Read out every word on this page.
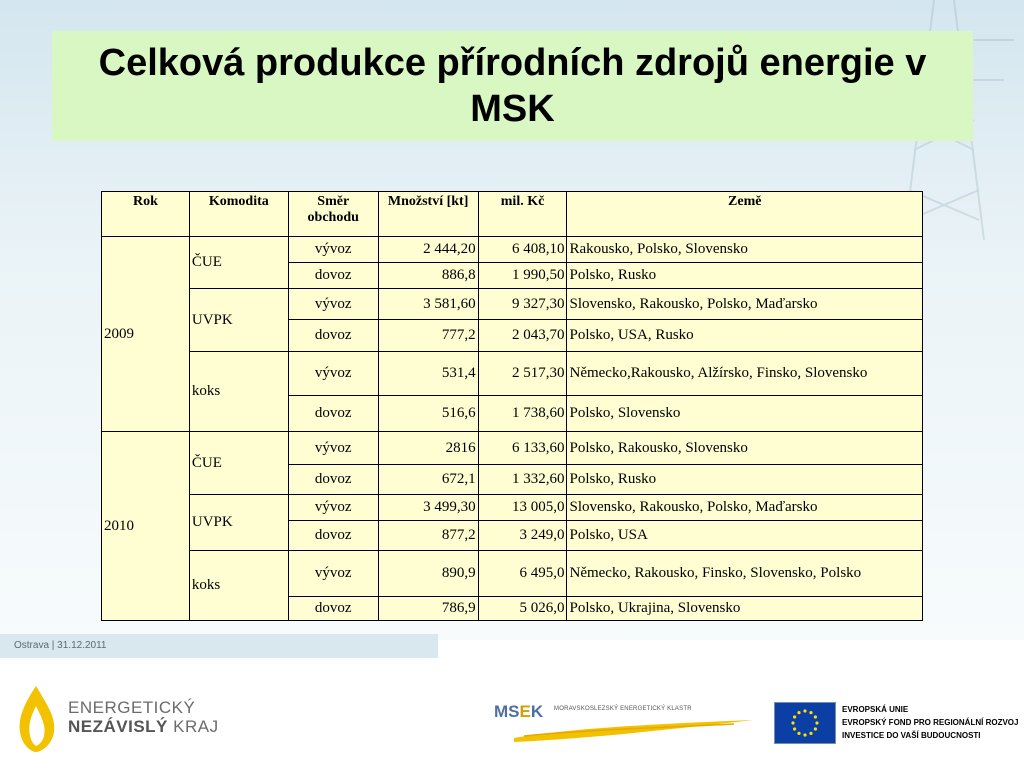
Celková produkce přírodních zdrojů energie v MSK
Rok	Komodita	Směr obchodu	Množství [kt]	mil. Kč	Země
2009	ČUE	vývoz	2 444,20	6 408,10	Rakousko, Polsko, Slovensko
		dovoz	886,8	1 990,50	Polsko, Rusko
	UVPK	vývoz	3 581,60	9 327,30	Slovensko, Rakousko, Polsko, Maďarsko
		dovoz	777,2	2 043,70	Polsko, USA, Rusko
	koks	vývoz	531,4	2 517,30	Německo,Rakousko, Alžírsko, Finsko, Slovensko
		dovoz	516,6	1 738,60	Polsko, Slovensko
2010	ČUE	vývoz	2816	6 133,60	Polsko, Rakousko, Slovensko
		dovoz	672,1	1 332,60	Polsko, Rusko
	UVPK	vývoz	3 499,30	13 005,0	Slovensko, Rakousko, Polsko, Maďarsko
		dovoz	877,2	3 249,0	Polsko, USA
	koks	vývoz	890,9	6 495,0	Německo, Rakousko, Finsko, Slovensko, Polsko
		dovoz	786,9	5 026,0	Polsko, Ukrajina, Slovensko
Ostrava | 31.12.2011
ENERGETICKÝ
NEZÁVISLÝ KRAJ
MSEK MORAVSKOSLEZSKÝ ENERGETICKÝ KLASTR	EVROPSKÁ UNIE
EVROPSKÝ FOND PRO REGIONÁLNÍ ROZVOJ
INVESTICE DO VAŠÍ BUDOUCNOSTI
